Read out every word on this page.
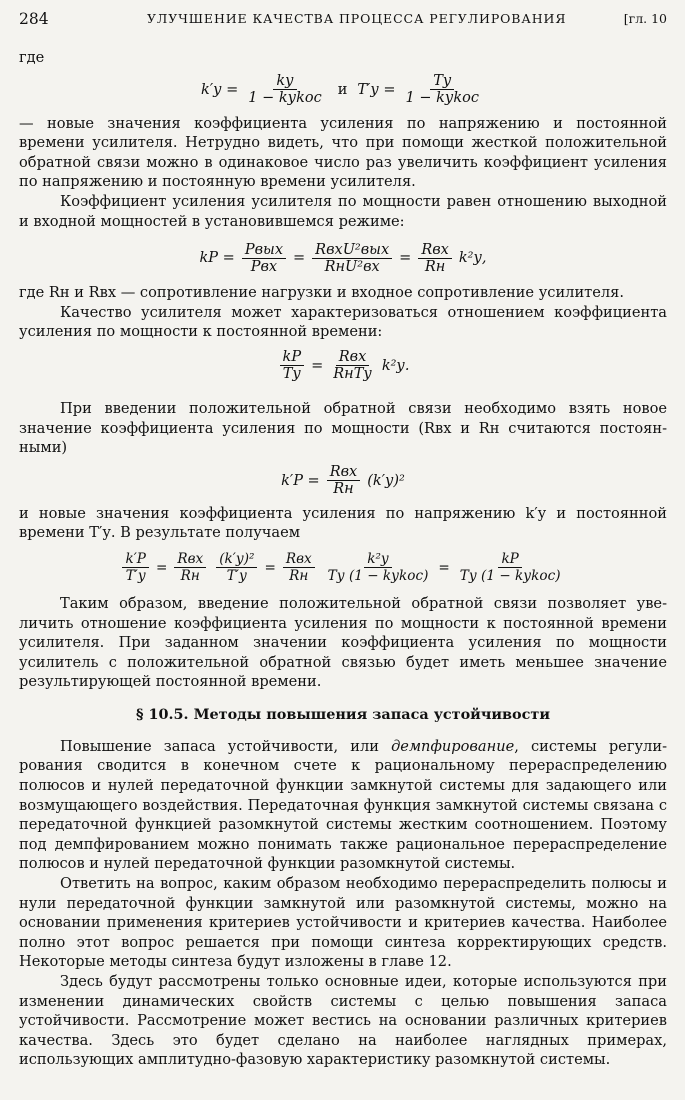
284	УЛУЧШЕНИЕ КАЧЕСТВА ПРОЦЕССА РЕГУЛИРОВАНИЯ	[гл. 10

где

$k'у = \frac{kу}{\text{1 − kуkос}}$ и $T'у = \frac{Tу}{\text{1 − kуkос}}$

— новые значения коэффициента усиления по напряжению и постоянной времени усилителя. Нетрудно видеть, что при помощи жесткой положительной обратной связи можно в одинаковое число раз увеличить коэффициент усиления по напряжению и постоянную времени усилителя.

Коэффициент усиления усилителя по мощности равен отношению выходной и входной мощностей в установившемся режиме:

kP = $\frac{\text{Pвых}}{\text{Pвх}} = \frac{\text{RвхU²вых}}{\text{RнU²вх}} = \frac{\text{Rвх}}{Rн} k^2у$,

где Rн и Rвх — сопротивление нагрузки и входное сопротивление усилителя.

Качество усилителя может характеризоваться отношением коэффициента усиления по мощности к постоянной времени:

$\frac{kP}{Tу} = \frac{\text{Rвх}}{\text{RнTу}} k^2у$.

При введении положительной обратной связи необходимо взять новое значение коэффициента усиления по мощности (Rвх и Rн считаются постоянными)

$k'P = \frac{\text{Rвх}}{Rн} (k'у)^2$

и новые значения коэффициента усиления по напряжению k′у и постоянной времени T′у. В результате получаем

$\frac{k'P}{T'у} = \frac{\text{Rвх}}{Rн} \frac{\text{(k′у)²}}{T'у} = \frac{\text{Rвх}}{Rн} \frac{\text{k²у}}{\text{Tу (1 − kуkос)}} = \frac{kP}{\text{Tу (1 − kуkос)}}$

Таким образом, введение положительной обратной связи позволяет увеличить отношение коэффициента усиления по мощности к постоянной времени усилителя. При заданном значении коэффициента усиления по мощности усилитель с положительной обратной связью будет иметь меньшее значение результирующей постоянной времени.

§ 10.5. Методы повышения запаса устойчивости

Повышение запаса устойчивости, или демпфирование, системы регулирования сводится в конечном счете к рациональному перераспределению полюсов и нулей передаточной функции замкнутой системы для задающего или возмущающего воздействия. Передаточная функция замкнутой системы связана с передаточной функцией разомкнутой системы жестким соотношением. Поэтому под демпфированием можно понимать также рациональное перераспределение полюсов и нулей передаточной функции разомкнутой системы.

Ответить на вопрос, каким образом необходимо перераспределить полюсы и нули передаточной функции замкнутой или разомкнутой системы, можно на основании применения критериев устойчивости и критериев качества. Наиболее полно этот вопрос решается при помощи синтеза корректирующих средств. Некоторые методы синтеза будут изложены в главе 12.

Здесь будут рассмотрены только основные идеи, которые используются при изменении динамических свойств системы с целью повышения запаса устойчивости. Рассмотрение может вестись на основании различных критериев качества. Здесь это будет сделано на наиболее наглядных примерах, использующих амплитудно-фазовую характеристику разомкнутой системы.
